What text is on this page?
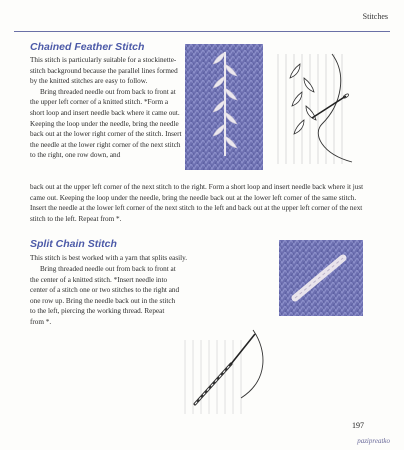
Stitches
Chained Feather Stitch

This stitch is particularly suitable for a stockinette-stitch background because the parallel lines formed by the knitted stitches are easy to follow.

Bring threaded needle out from back to front at the upper left corner of a knitted stitch. *Form a short loop and insert needle back where it came out. Keeping the loop under the needle, bring the needle back out at the lower right corner of the stitch. Insert the needle at the lower right corner of the next stitch to the right, one row down, and

back out at the upper left corner of the next stitch to the right. Form a short loop and insert needle back where it just came out. Keeping the loop under the needle, bring the needle back out at the lower left corner of the same stitch. Insert the needle at the lower left corner of the next stitch to the left and back out at the upper left corner of the next stitch to the left. Repeat from *.

Split Chain Stitch

This stitch is best worked with a yarn that splits easily.

Bring threaded needle out from back to front at the center of a knitted stitch. *Insert needle into center of a stitch one or two stitches to the right and one row up. Bring the needle back out in the stitch to the left, piercing the working thread. Repeat from *.

197
pazipreatko
